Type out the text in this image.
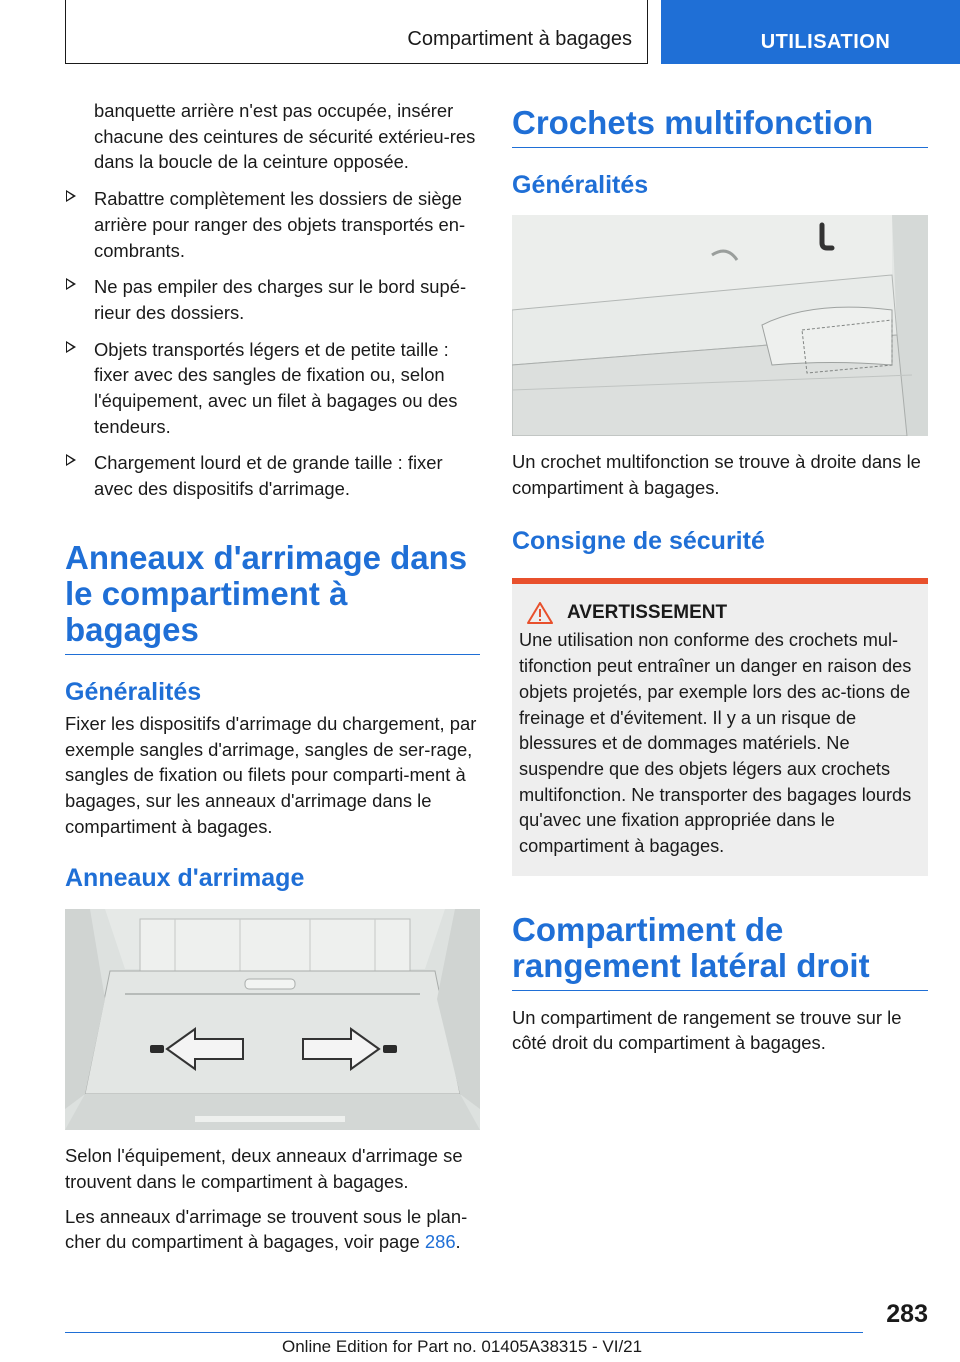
Compartiment à bagages	UTILISATION

banquette arrière n'est pas occupée, insérer chacune des ceintures de sécurité extérieu-res dans la boucle de la ceinture opposée.

Rabattre complètement les dossiers de siège arrière pour ranger des objets transportés en-combrants.

Ne pas empiler des charges sur le bord supé-rieur des dossiers.

Objets transportés légers et de petite taille : fixer avec des sangles de fixation ou, selon l'équipement, avec un filet à bagages ou des tendeurs.

Chargement lourd et de grande taille : fixer avec des dispositifs d'arrimage.

Anneaux d'arrimage dans le compartiment à bagages
Généralités

Fixer les dispositifs d'arrimage du chargement, par exemple sangles d'arrimage, sangles de ser-rage, sangles de fixation ou filets pour comparti-ment à bagages, sur les anneaux d'arrimage dans le compartiment à bagages.

Anneaux d'arrimage

Selon l'équipement, deux anneaux d'arrimage se trouvent dans le compartiment à bagages.

Les anneaux d'arrimage se trouvent sous le plan-cher du compartiment à bagages, voir page 286.

Crochets multifonction
Généralités

Un crochet multifonction se trouve à droite dans le compartiment à bagages.

Consigne de sécurité
AVERTISSEMENT

Une utilisation non conforme des crochets mul-tifonction peut entraîner un danger en raison des objets projetés, par exemple lors des ac-tions de freinage et d'évitement. Il y a un risque de blessures et de dommages matériels. Ne suspendre que des objets légers aux crochets multifonction. Ne transporter des bagages lourds qu'avec une fixation appropriée dans le compartiment à bagages.

Compartiment de rangement latéral droit

Un compartiment de rangement se trouve sur le côté droit du compartiment à bagages.

283
Online Edition for Part no. 01405A38315 - VI/21
